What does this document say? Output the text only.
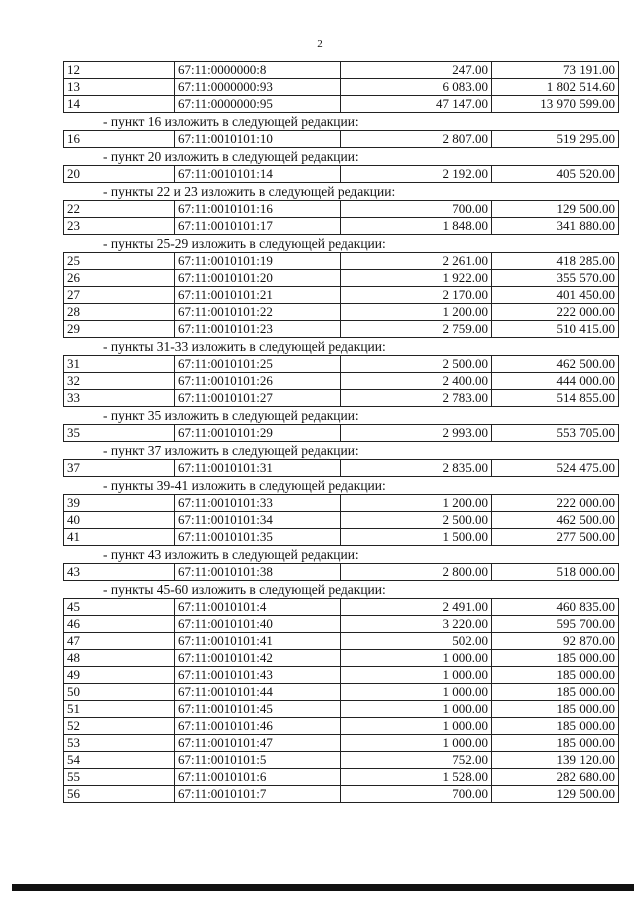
2
12	67:11:0000000:8	247.00	73 191.00
13	67:11:0000000:93	6 083.00	1 802 514.60
14	67:11:0000000:95	47 147.00	13 970 599.00
- пункт 16 изложить в следующей редакции:
16	67:11:0010101:10	2 807.00	519 295.00
- пункт 20 изложить в следующей редакции:
20	67:11:0010101:14	2 192.00	405 520.00
- пункты 22 и 23 изложить в следующей редакции:
22	67:11:0010101:16	700.00	129 500.00
23	67:11:0010101:17	1 848.00	341 880.00
- пункты 25-29 изложить в следующей редакции:
25	67:11:0010101:19	2 261.00	418 285.00
26	67:11:0010101:20	1 922.00	355 570.00
27	67:11:0010101:21	2 170.00	401 450.00
28	67:11:0010101:22	1 200.00	222 000.00
29	67:11:0010101:23	2 759.00	510 415.00
- пункты 31-33 изложить в следующей редакции:
31	67:11:0010101:25	2 500.00	462 500.00
32	67:11:0010101:26	2 400.00	444 000.00
33	67:11:0010101:27	2 783.00	514 855.00
- пункт 35 изложить в следующей редакции:
35	67:11:0010101:29	2 993.00	553 705.00
- пункт 37 изложить в следующей редакции:
37	67:11:0010101:31	2 835.00	524 475.00
- пункты 39-41 изложить в следующей редакции:
39	67:11:0010101:33	1 200.00	222 000.00
40	67:11:0010101:34	2 500.00	462 500.00
41	67:11:0010101:35	1 500.00	277 500.00
- пункт 43 изложить в следующей редакции:
43	67:11:0010101:38	2 800.00	518 000.00
- пункты 45-60 изложить в следующей редакции:
45	67:11:0010101:4	2 491.00	460 835.00
46	67:11:0010101:40	3 220.00	595 700.00
47	67:11:0010101:41	502.00	92 870.00
48	67:11:0010101:42	1 000.00	185 000.00
49	67:11:0010101:43	1 000.00	185 000.00
50	67:11:0010101:44	1 000.00	185 000.00
51	67:11:0010101:45	1 000.00	185 000.00
52	67:11:0010101:46	1 000.00	185 000.00
53	67:11:0010101:47	1 000.00	185 000.00
54	67:11:0010101:5	752.00	139 120.00
55	67:11:0010101:6	1 528.00	282 680.00
56	67:11:0010101:7	700.00	129 500.00
